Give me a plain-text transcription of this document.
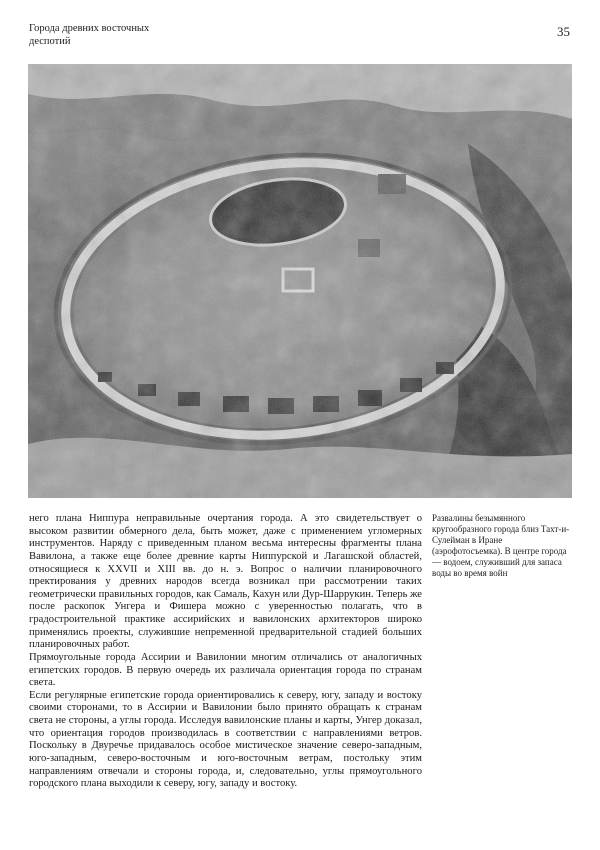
Города древних восточных
деспотий
35

него плана Ниппура неправильные очертания города. А это свидетельствует о высоком развитии обмерного дела, быть может, даже с применением угломерных инструментов. Наряду с приведенным планом весьма интересны фрагменты плана Вавилона, а также еще более древние карты Ниппурской и Лагашской областей, относящиеся к XXVII и XIII вв. до н. э. Вопрос о наличии планировочного пректирования у древних народов всегда возникал при рассмотрении таких геометрически правильных городов, как Самаль, Кахун или Дур-Шаррукин. Теперь же после раскопок Унгера и Фишера можно с уверенностью полагать, что в градостроительной практике ассирийских и вавилонских архитекторов широко применялись проекты, служившие непременной предварительной стадией больших планировочных работ.

Прямоугольные города Ассирии и Вавилонии многим отличались от аналогичных египетских городов. В первую очередь их различала ориентация города по странам света.

Если регулярные египетские города ориентировались к северу, югу, западу и востоку своими сторонами, то в Ассирии и Вавилонии было принято обращать к странам света не стороны, а углы города. Исследуя вавилонские планы и карты, Унгер доказал, что ориентация городов производилась в соответствии с направлениями ветров. Поскольку в Двуречье придавалось особое мистическое значение северо-западным, юго-западным, северо-восточным и юго-восточным ветрам, постольку этим направлениям отвечали и стороны города, и, следовательно, углы прямоугольного городского плана выходили к северу, югу, западу и востоку.

Развалины безымянного кругообразного города близ Тахт-и-Сулейман в Иране (аэрофотосъемка). В центре города — водоем, служивший для запаса воды во время войн
